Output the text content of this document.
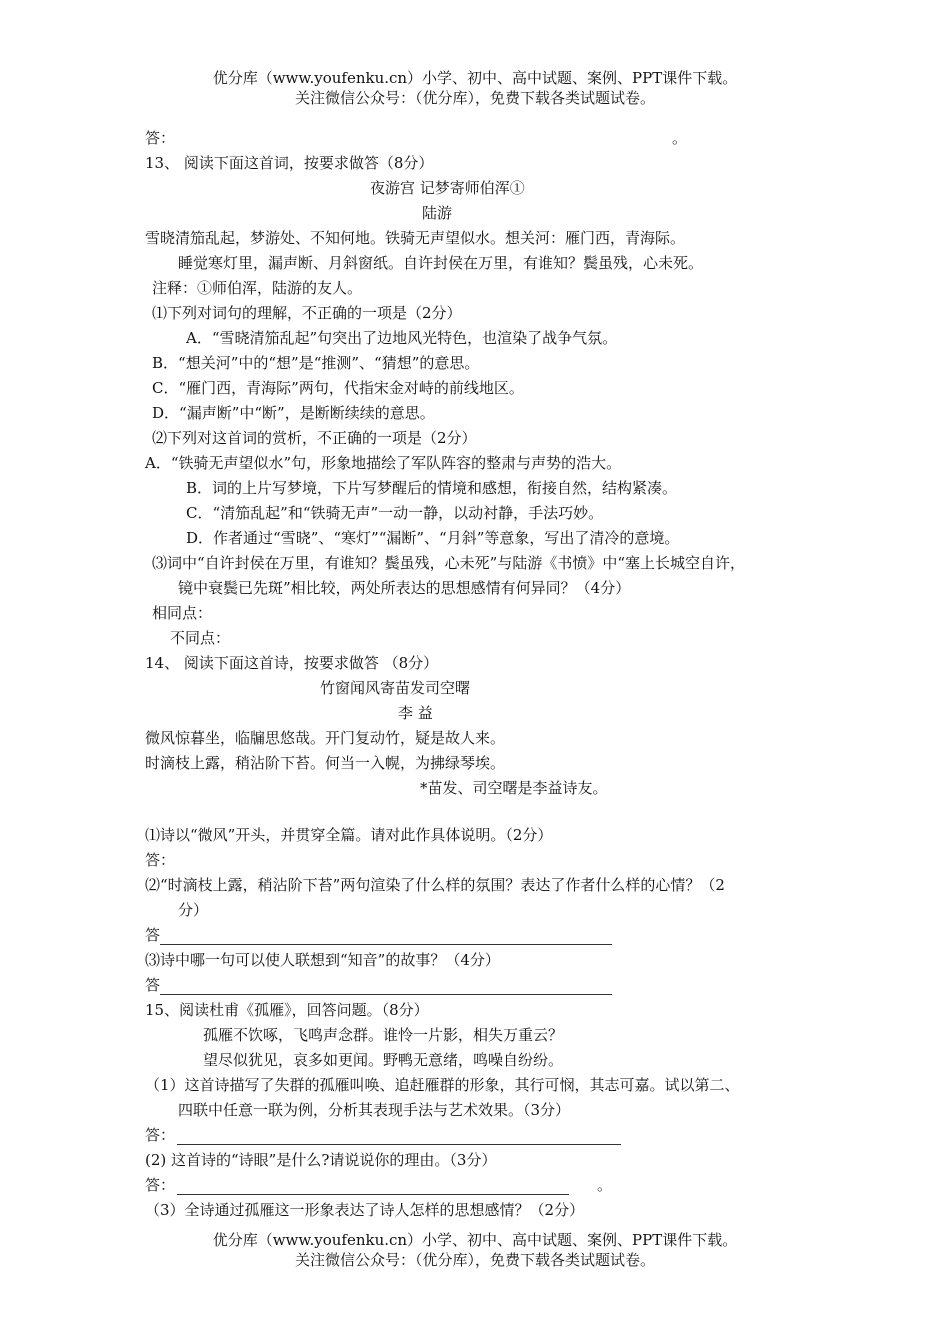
优分库（www.youfenku.cn）小学、初中、高中试题、案例、PPT课件下载。
关注微信公众号：（优分库），免费下载各类试题试卷。
答：	。
13、 阅读下面这首词，按要求做答（8分）
夜游宫 记梦寄师伯浑①
陆游
雪晓清笳乱起，梦游处、不知何地。铁骑无声望似水。想关河：雁门西，青海际。
睡觉寒灯里，漏声断、月斜窗纸。自许封侯在万里，有谁知？鬓虽残，心未死。
注释：①师伯浑，陆游的友人。
⑴下列对词句的理解，不正确的一项是（2分）
A．“雪晓清笳乱起”句突出了边地风光特色，也渲染了战争气氛。
B．“想关河”中的“想”是“推测”、“猜想”的意思。
C．“雁门西，青海际”两句，代指宋金对峙的前线地区。
D．“漏声断”中“断”，是断断续续的意思。
⑵下列对这首词的赏析，不正确的一项是（2分）
A．“铁骑无声望似水”句，形象地描绘了军队阵容的整肃与声势的浩大。
B．词的上片写梦境，下片写梦醒后的情境和感想，衔接自然，结构紧凑。
C．“清笳乱起”和“铁骑无声”一动一静，以动衬静，手法巧妙。
D．作者通过“雪晓”、“寒灯”“漏断”、“月斜”等意象，写出了清冷的意境。
⑶词中“自许封侯在万里，有谁知？鬓虽残，心未死”与陆游《书愤》中“塞上长城空自许，
镜中衰鬓已先斑”相比较，两处所表达的思想感情有何异同？（4分）
相同点：
不同点：
14、 阅读下面这首诗，按要求做答 （8分）
竹窗闻风寄苗发司空曙
李 益
微风惊暮坐，临牖思悠哉。开门复动竹，疑是故人来。
时滴枝上露，稍沾阶下苔。何当一入幌，为拂绿琴埃。
*苗发、司空曙是李益诗友。
⑴诗以“微风”开头，并贯穿全篇。请对此作具体说明。（2分）
答：
⑵“时滴枝上露，稍沾阶下苔”两句渲染了什么样的氛围？表达了作者什么样的心情？（2
分）
答
⑶诗中哪一句可以使人联想到“知音”的故事？（4分）
答
15、阅读杜甫《孤雁》，回答问题。（8分）
孤雁不饮啄，飞鸣声念群。谁怜一片影，相失万重云？
望尽似犹见，哀多如更闻。野鸭无意绪，鸣噪自纷纷。
（1）这首诗描写了失群的孤雁叫唤、追赶雁群的形象，其行可悯，其志可嘉。试以第二、
四联中任意一联为例，分析其表现手法与艺术效果。（3分）
答：
(2) 这首诗的“诗眼”是什么?请说说你的理由。（3分）
答：	。
（3）全诗通过孤雁这一形象表达了诗人怎样的思想感情？（2分）
优分库（www.youfenku.cn）小学、初中、高中试题、案例、PPT课件下载。
关注微信公众号：（优分库），免费下载各类试题试卷。
